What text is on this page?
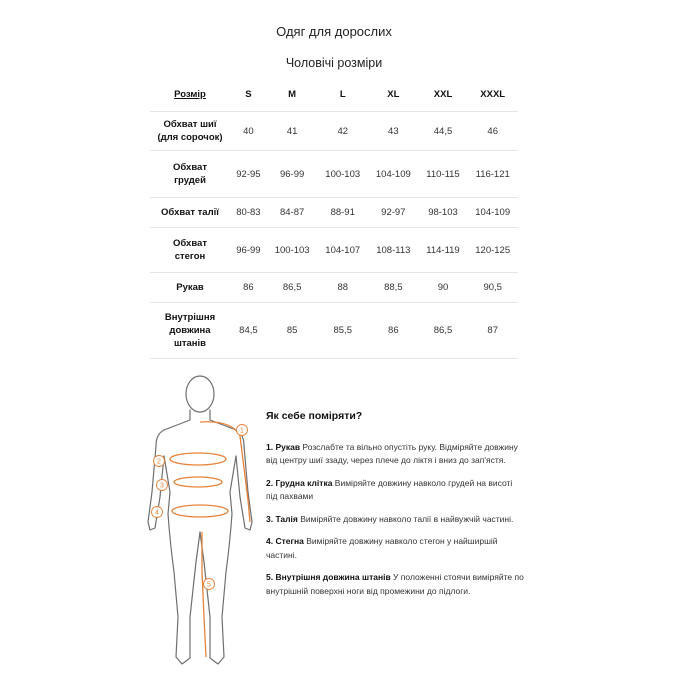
Одяг для дорослих
Чоловічі розміри
Розмір	S	M	L	XL	XXL	XXXL
Обхват шиї
(для сорочок)	40	41	42	43	44,5	46
Обхват
грудей	92-95	96-99	100-103	104-109	110-115	116-121
Обхват талії	80-83	84-87	88-91	92-97	98-103	104-109
Обхват
стегон	96-99	100-103	104-107	108-113	114-119	120-125
Рукав	86	86,5	88	88,5	90	90,5
Внутрішня
довжина
штанів	84,5	85	85,5	86	86,5	87
1
2
3
4
5
Як себе поміряти?
1. Рукав Розслабте та вільно опустіть руку. Відміряйте довжину від центру шиї ззаду, через плече до ліктя і вниз до зап'ястя.
2. Грудна клітка Виміряйте довжину навколо грудей на висоті під пахвами
3. Талія Виміряйте довжину навколо талії в найвужчій частині.
4. Стегна Виміряйте довжину навколо стегон у найширшій частині.
5. Внутрішня довжина штанів У положенні стоячи виміряйте по внутрішній поверхні ноги від промежини до підлоги.
